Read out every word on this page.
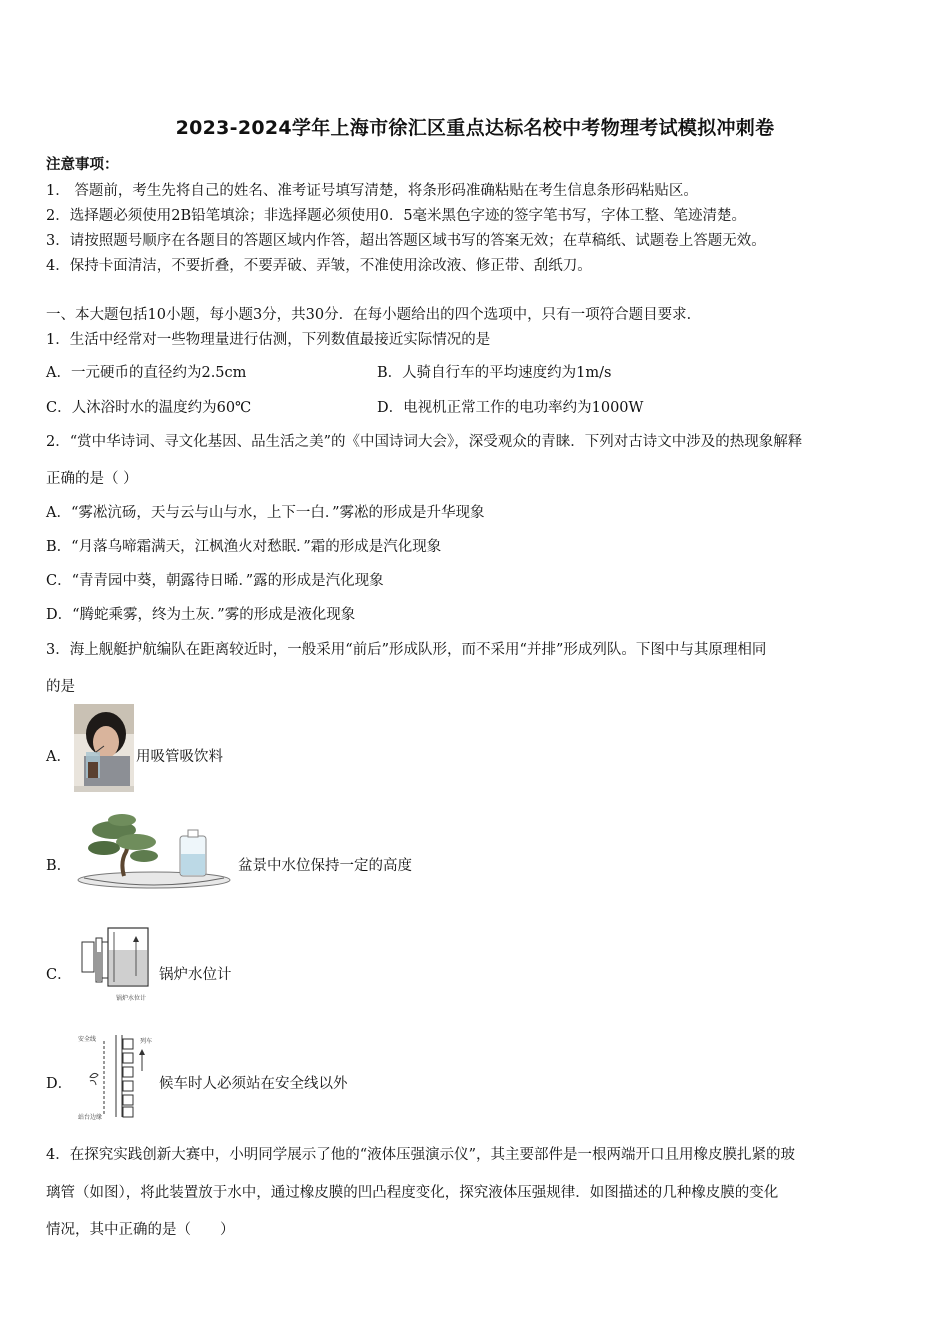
2023-2024学年上海市徐汇区重点达标名校中考物理考试模拟冲刺卷
注意事项：
1． 答题前，考生先将自己的姓名、准考证号填写清楚，将条形码准确粘贴在考生信息条形码粘贴区。
2．选择题必须使用2B铅笔填涂；非选择题必须使用0．5毫米黑色字迹的签字笔书写，字体工整、笔迹清楚。
3．请按照题号顺序在各题目的答题区域内作答，超出答题区域书写的答案无效；在草稿纸、试题卷上答题无效。
4．保持卡面清洁，不要折叠，不要弄破、弄皱，不准使用涂改液、修正带、刮纸刀。
一、本大题包括10小题，每小题3分，共30分．在每小题给出的四个选项中，只有一项符合题目要求．
1．生活中经常对一些物理量进行估测，下列数值最接近实际情况的是
A．一元硬币的直径约为2.5cm	B．人骑自行车的平均速度约为1m/s
C．人沐浴时水的温度约为60℃	D．电视机正常工作的电功率约为1000W
2．“赏中华诗词、寻文化基因、品生活之美”的《中国诗词大会》，深受观众的青睐．下列对古诗文中涉及的热现象解释
正确的是（ ）
A．“雾凇沆砀，天与云与山与水，上下一白．”雾凇的形成是升华现象
B．“月落乌啼霜满天，江枫渔火对愁眠．”霜的形成是汽化现象
C．“青青园中葵，朝露待日晞．”露的形成是汽化现象
D．“腾蛇乘雾，终为土灰．”雾的形成是液化现象
3．海上舰艇护航编队在距离较近时，一般采用“前后”形成队形，而不采用“并排”形成列队。下图中与其原理相同
的是
A．	用吸管吸饮料
B．	盆景中水位保持一定的高度
C．
锅炉水位计
锅炉水位计
D．
安全线	列车
站台边缘
候车时人必须站在安全线以外
4．在探究实践创新大赛中，小明同学展示了他的“液体压强演示仪”，其主要部件是一根两端开口且用橡皮膜扎紧的玻
璃管（如图），将此装置放于水中，通过橡皮膜的凹凸程度变化，探究液体压强规律．如图描述的几种橡皮膜的变化
情况，其中正确的是（　　）
